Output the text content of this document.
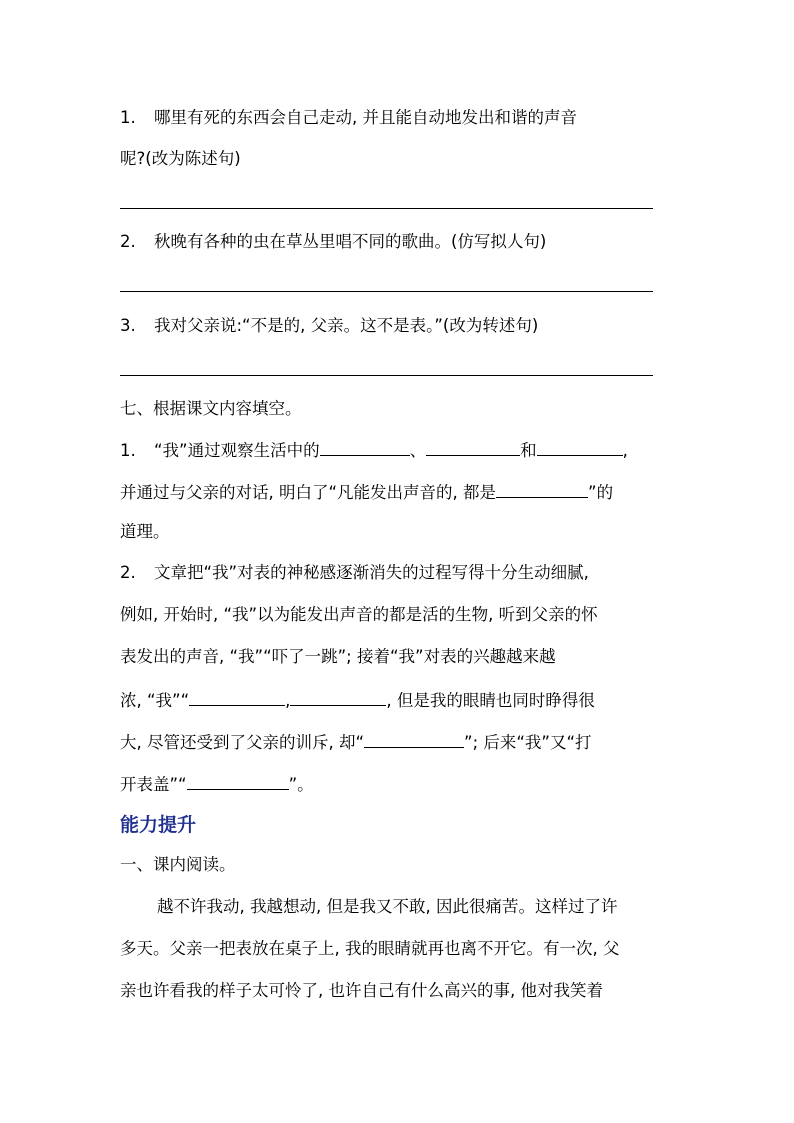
1. 哪里有死的东西会自己走动, 并且能自动地发出和谐的声音
呢?(改为陈述句)
2. 秋晚有各种的虫在草丛里唱不同的歌曲。(仿写拟人句)
3. 我对父亲说:“不是的, 父亲。这不是表。”(改为转述句)
七、根据课文内容填空。
1. “我”通过观察生活中的	、	和	,
并通过与父亲的对话, 明白了“凡能发出声音的, 都是	”的
道理。
2. 文章把“我”对表的神秘感逐渐消失的过程写得十分生动细腻,
例如, 开始时, “我”以为能发出声音的都是活的生物, 听到父亲的怀
表发出的声音, “我”“吓了一跳”; 接着“我”对表的兴趣越来越
浓, “我”“	,	, 但是我的眼睛也同时睁得很
大, 尽管还受到了父亲的训斥, 却“	”; 后来“我”又“打
开表盖”“	”。
能力提升
一、课内阅读。
越不许我动, 我越想动, 但是我又不敢, 因此很痛苦。这样过了许
多天。父亲一把表放在桌子上, 我的眼睛就再也离不开它。有一次, 父
亲也许看我的样子太可怜了, 也许自己有什么高兴的事, 他对我笑着
